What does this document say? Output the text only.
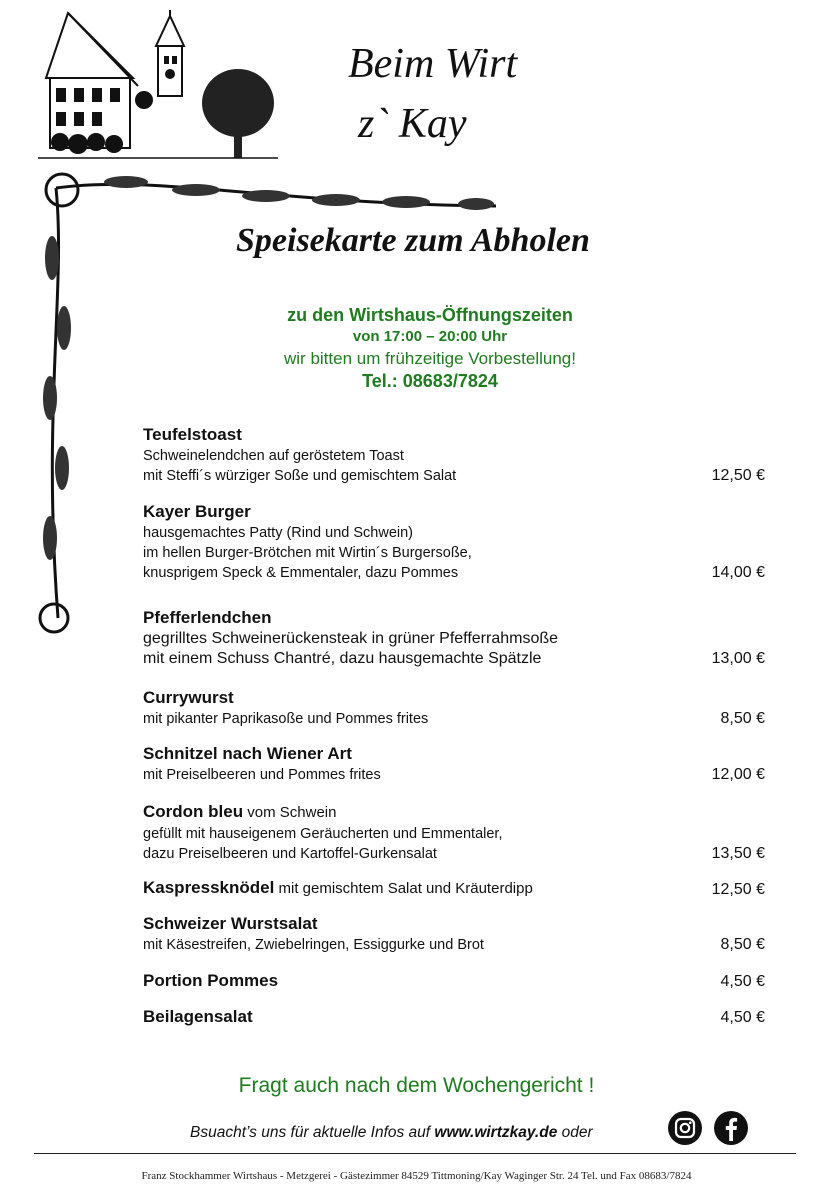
Beim Wirt
z` Kay
Speisekarte zum Abholen
zu den Wirtshaus-Öffnungszeiten
von 17:00 – 20:00 Uhr
wir bitten um frühzeitige Vorbestellung!
Tel.: 08683/7824
Teufelstoast
Schweinelendchen auf geröstetem Toast
mit Steffi´s würziger Soße und gemischtem Salat	12,50 €
Kayer Burger
hausgemachtes Patty (Rind und Schwein)
im hellen Burger-Brötchen mit Wirtin´s Burgersoße,
knusprigem Speck & Emmentaler, dazu Pommes	14,00 €
Pfefferlendchen
gegrilltes Schweinerückensteak in grüner Pfefferrahmsoße
mit einem Schuss Chantré, dazu hausgemachte Spätzle	13,00 €
Currywurst
mit pikanter Paprikasoße und Pommes frites	8,50 €
Schnitzel nach Wiener Art
mit Preiselbeeren und Pommes frites	12,00 €
Cordon bleu vom Schwein
gefüllt mit hauseigenem Geräucherten und Emmentaler,
dazu Preiselbeeren und Kartoffel-Gurkensalat	13,50 €
Kaspressknödel mit gemischtem Salat und Kräuterdipp	12,50 €
Schweizer Wurstsalat
mit Käsestreifen, Zwiebelringen, Essiggurke und Brot	8,50 €
Portion Pommes	4,50 €
Beilagensalat	4,50 €
Fragt auch nach dem Wochengericht !
Bsuacht’s uns für aktuelle Infos auf www.wirtzkay.de oder
Franz Stockhammer Wirtshaus - Metzgerei - Gästezimmer 84529 Tittmoning/Kay Waginger Str. 24 Tel. und Fax 08683/7824
